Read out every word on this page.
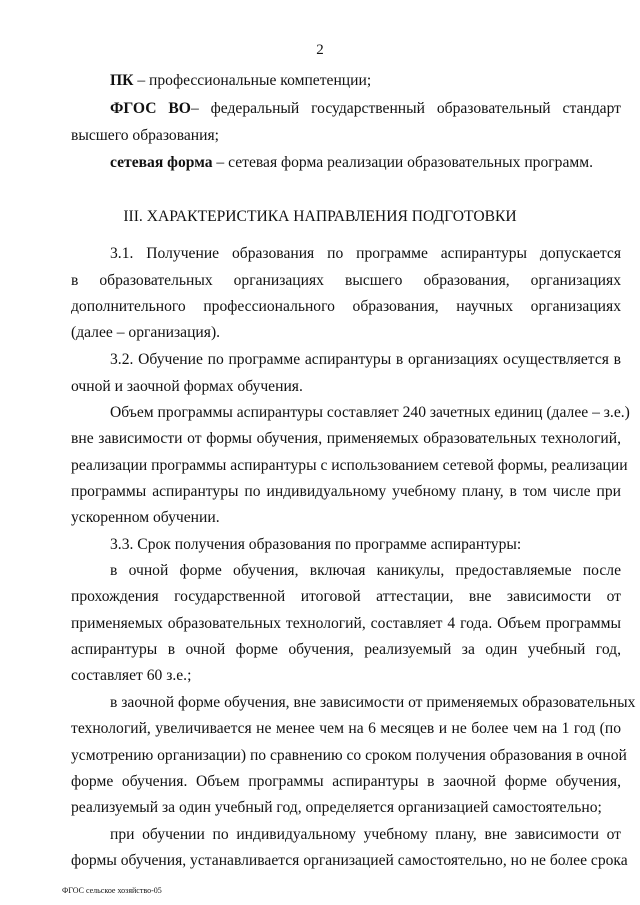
2
ПК – профессиональные компетенции;
ФГОС ВО– федеральный государственный образовательный стандарт
высшего образования;
сетевая форма – сетевая форма реализации образовательных программ.
III. ХАРАКТЕРИСТИКА НАПРАВЛЕНИЯ ПОДГОТОВКИ
3.1. Получение образования по программе аспирантуры допускается
в образовательных организациях высшего образования, организациях
дополнительного профессионального образования, научных организациях
(далее – организация).
3.2. Обучение по программе аспирантуры в организациях осуществляется в
очной и заочной формах обучения.
Объем программы аспирантуры составляет 240 зачетных единиц (далее – з.е.)
вне зависимости от формы обучения, применяемых образовательных технологий,
реализации программы аспирантуры с использованием сетевой формы, реализации
программы аспирантуры по индивидуальному учебному плану, в том числе при
ускоренном обучении.
3.3. Срок получения образования по программе аспирантуры:
в очной форме обучения, включая каникулы, предоставляемые после
прохождения государственной итоговой аттестации, вне зависимости от
применяемых образовательных технологий, составляет 4 года. Объем программы
аспирантуры в очной форме обучения, реализуемый за один учебный год,
составляет 60 з.е.;
в заочной форме обучения, вне зависимости от применяемых образовательных
технологий, увеличивается не менее чем на 6 месяцев и не более чем на 1 год (по
усмотрению организации) по сравнению со сроком получения образования в очной
форме обучения. Объем программы аспирантуры в заочной форме обучения,
реализуемый за один учебный год, определяется организацией самостоятельно;
при обучении по индивидуальному учебному плану, вне зависимости от
формы обучения, устанавливается организацией самостоятельно, но не более срока
ФГОС сельское хозяйство-05
